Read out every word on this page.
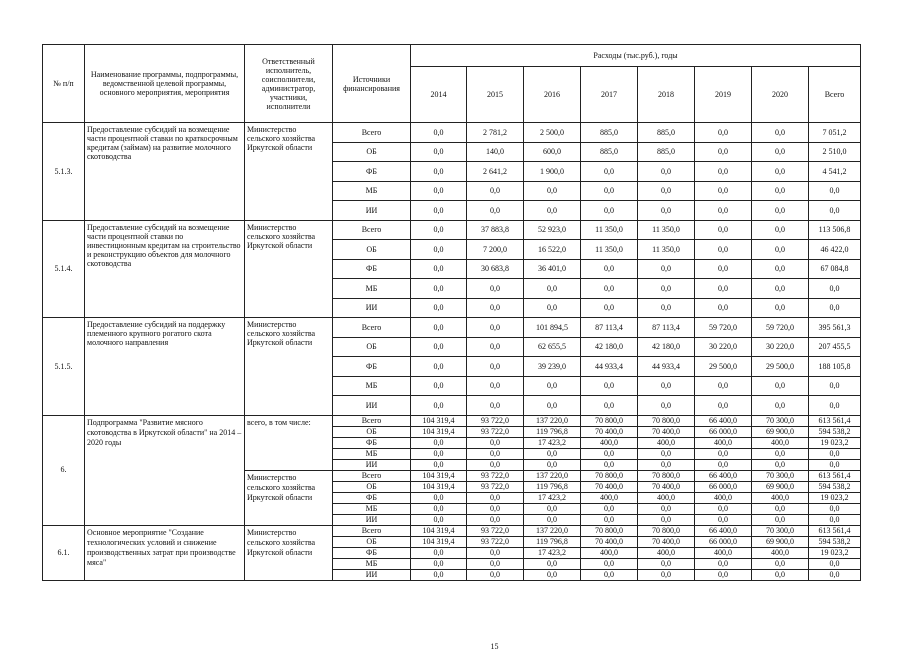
№ п/п	Наименование программы, подпрограммы, ведомственной целевой программы, основного мероприятия, мероприятия	Ответственный исполнитель, соисполнители, администратор, участники, исполнители	Источники финансирования	Расходы (тыс.руб.), годы							
				2014	2015	2016	2017	2018	2019	2020	Всего
5.1.3.	Предоставление субсидий на возмещение части процентной ставки по краткосрочным кредитам (займам) на развитие молочного скотоводства	Министерство сельского хозяйства Иркутской области	Всего	0,0	2 781,2	2 500,0	885,0	885,0	0,0	0,0	7 051,2
			ОБ	0,0	140,0	600,0	885,0	885,0	0,0	0,0	2 510,0
			ФБ	0,0	2 641,2	1 900,0	0,0	0,0	0,0	0,0	4 541,2
			МБ	0,0	0,0	0,0	0,0	0,0	0,0	0,0	0,0
			ИИ	0,0	0,0	0,0	0,0	0,0	0,0	0,0	0,0
5.1.4.	Предоставление субсидий на возмещение части процентной ставки по инвестиционным кредитам на строительство и реконструкцию объектов для молочного скотоводства	Министерство сельского хозяйства Иркутской области	Всего	0,0	37 883,8	52 923,0	11 350,0	11 350,0	0,0	0,0	113 506,8
			ОБ	0,0	7 200,0	16 522,0	11 350,0	11 350,0	0,0	0,0	46 422,0
			ФБ	0,0	30 683,8	36 401,0	0,0	0,0	0,0	0,0	67 084,8
			МБ	0,0	0,0	0,0	0,0	0,0	0,0	0,0	0,0
			ИИ	0,0	0,0	0,0	0,0	0,0	0,0	0,0	0,0
5.1.5.	Предоставление субсидий на поддержку племенного крупного рогатого скота молочного направления	Министерство сельского хозяйства Иркутской области	Всего	0,0	0,0	101 894,5	87 113,4	87 113,4	59 720,0	59 720,0	395 561,3
			ОБ	0,0	0,0	62 655,5	42 180,0	42 180,0	30 220,0	30 220,0	207 455,5
			ФБ	0,0	0,0	39 239,0	44 933,4	44 933,4	29 500,0	29 500,0	188 105,8
			МБ	0,0	0,0	0,0	0,0	0,0	0,0	0,0	0,0
			ИИ	0,0	0,0	0,0	0,0	0,0	0,0	0,0	0,0
6.	Подпрограмма "Развитие мясного скотоводства в Иркутской области" на 2014 – 2020 годы	всего, в том числе:	Всего	104 319,4	93 722,0	137 220,0	70 800,0	70 800,0	66 400,0	70 300,0	613 561,4
			ОБ	104 319,4	93 722,0	119 796,8	70 400,0	70 400,0	66 000,0	69 900,0	594 538,2
			ФБ	0,0	0,0	17 423,2	400,0	400,0	400,0	400,0	19 023,2
			МБ	0,0	0,0	0,0	0,0	0,0	0,0	0,0	0,0
			ИИ	0,0	0,0	0,0	0,0	0,0	0,0	0,0	0,0
		Министерство сельского хозяйства Иркутской области	Всего	104 319,4	93 722,0	137 220,0	70 800,0	70 800,0	66 400,0	70 300,0	613 561,4
			ОБ	104 319,4	93 722,0	119 796,8	70 400,0	70 400,0	66 000,0	69 900,0	594 538,2
			ФБ	0,0	0,0	17 423,2	400,0	400,0	400,0	400,0	19 023,2
			МБ	0,0	0,0	0,0	0,0	0,0	0,0	0,0	0,0
			ИИ	0,0	0,0	0,0	0,0	0,0	0,0	0,0	0,0
6.1.	Основное мероприятие "Создание технологических условий и снижение производственных затрат при производстве мяса"	Министерство сельского хозяйства Иркутской области	Всего	104 319,4	93 722,0	137 220,0	70 800,0	70 800,0	66 400,0	70 300,0	613 561,4
			ОБ	104 319,4	93 722,0	119 796,8	70 400,0	70 400,0	66 000,0	69 900,0	594 538,2
			ФБ	0,0	0,0	17 423,2	400,0	400,0	400,0	400,0	19 023,2
			МБ	0,0	0,0	0,0	0,0	0,0	0,0	0,0	0,0
			ИИ	0,0	0,0	0,0	0,0	0,0	0,0	0,0	0,0
15
